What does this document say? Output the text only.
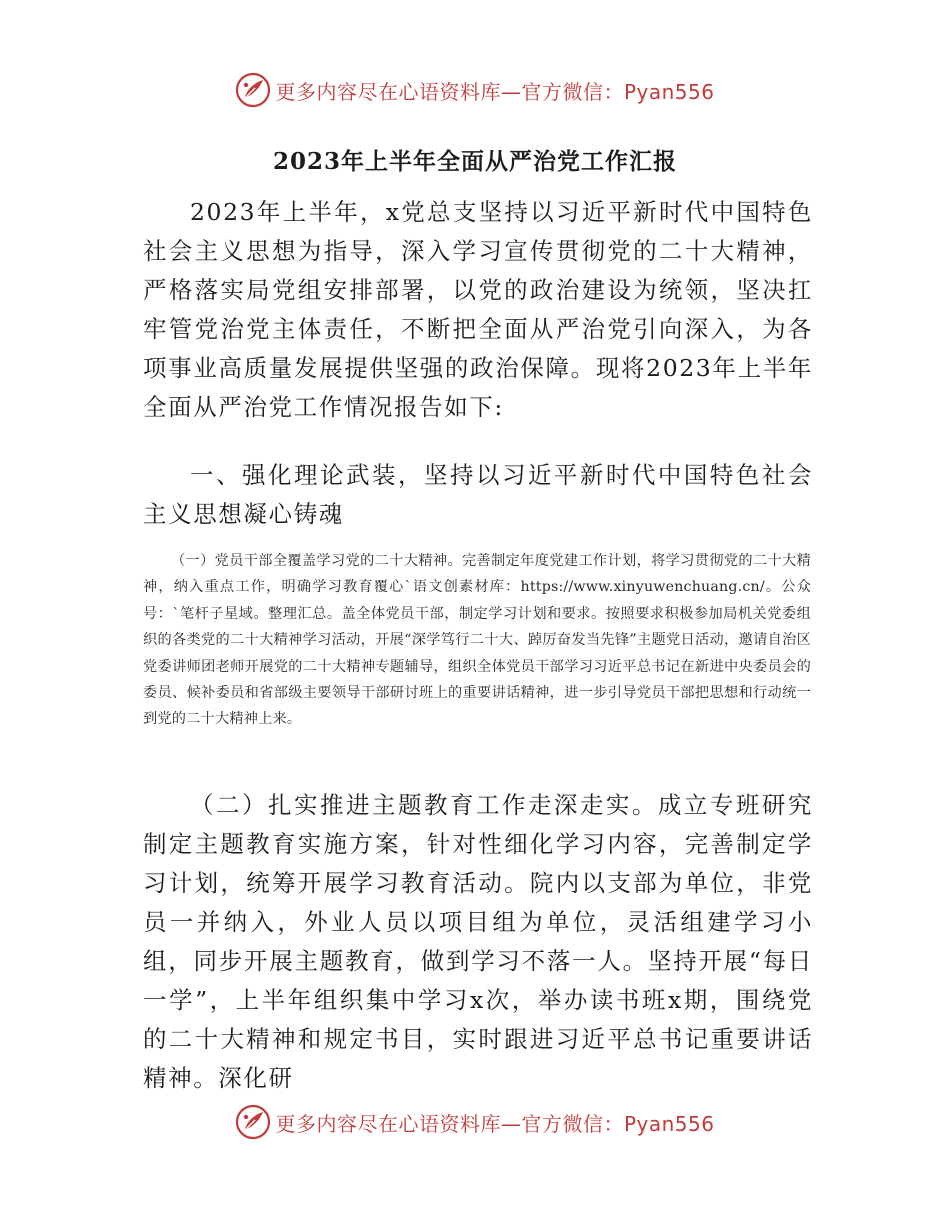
更多内容尽在心语资料库—官方微信：Pyan556
2023年上半年全面从严治党工作汇报

2023年上半年，x党总支坚持以习近平新时代中国特色社会主义思想为指导，深入学习宣传贯彻党的二十大精神，严格落实局党组安排部署，以党的政治建设为统领，坚决扛牢管党治党主体责任，不断把全面从严治党引向深入，为各项事业高质量发展提供坚强的政治保障。现将2023年上半年全面从严治党工作情况报告如下:

一、强化理论武装，坚持以习近平新时代中国特色社会主义思想凝心铸魂

（一）党员干部全覆盖学习党的二十大精神。完善制定年度党建工作计划，将学习贯彻党的二十大精神，纳入重点工作，明确学习教育覆心`语文创素材库：https://www.xinyuwenchuang.cn/。公众号：`笔杆子星域。整理汇总。盖全体党员干部，制定学习计划和要求。按照要求积极参加局机关党委组织的各类党的二十大精神学习活动，开展“深学笃行二十大、踔厉奋发当先锋”主题党日活动，邀请自治区党委讲师团老师开展党的二十大精神专题辅导，组织全体党员干部学习习近平总书记在新进中央委员会的委员、候补委员和省部级主要领导干部研讨班上的重要讲话精神，进一步引导党员干部把思想和行动统一到党的二十大精神上来。

（二）扎实推进主题教育工作走深走实。成立专班研究制定主题教育实施方案，针对性细化学习内容，完善制定学习计划，统筹开展学习教育活动。院内以支部为单位，非党员一并纳入，外业人员以项目组为单位，灵活组建学习小组，同步开展主题教育，做到学习不落一人。坚持开展“每日一学”，上半年组织集中学习x次，举办读书班x期，围绕党的二十大精神和规定书目，实时跟进习近平总书记重要讲话精神。深化研

更多内容尽在心语资料库—官方微信：Pyan556
